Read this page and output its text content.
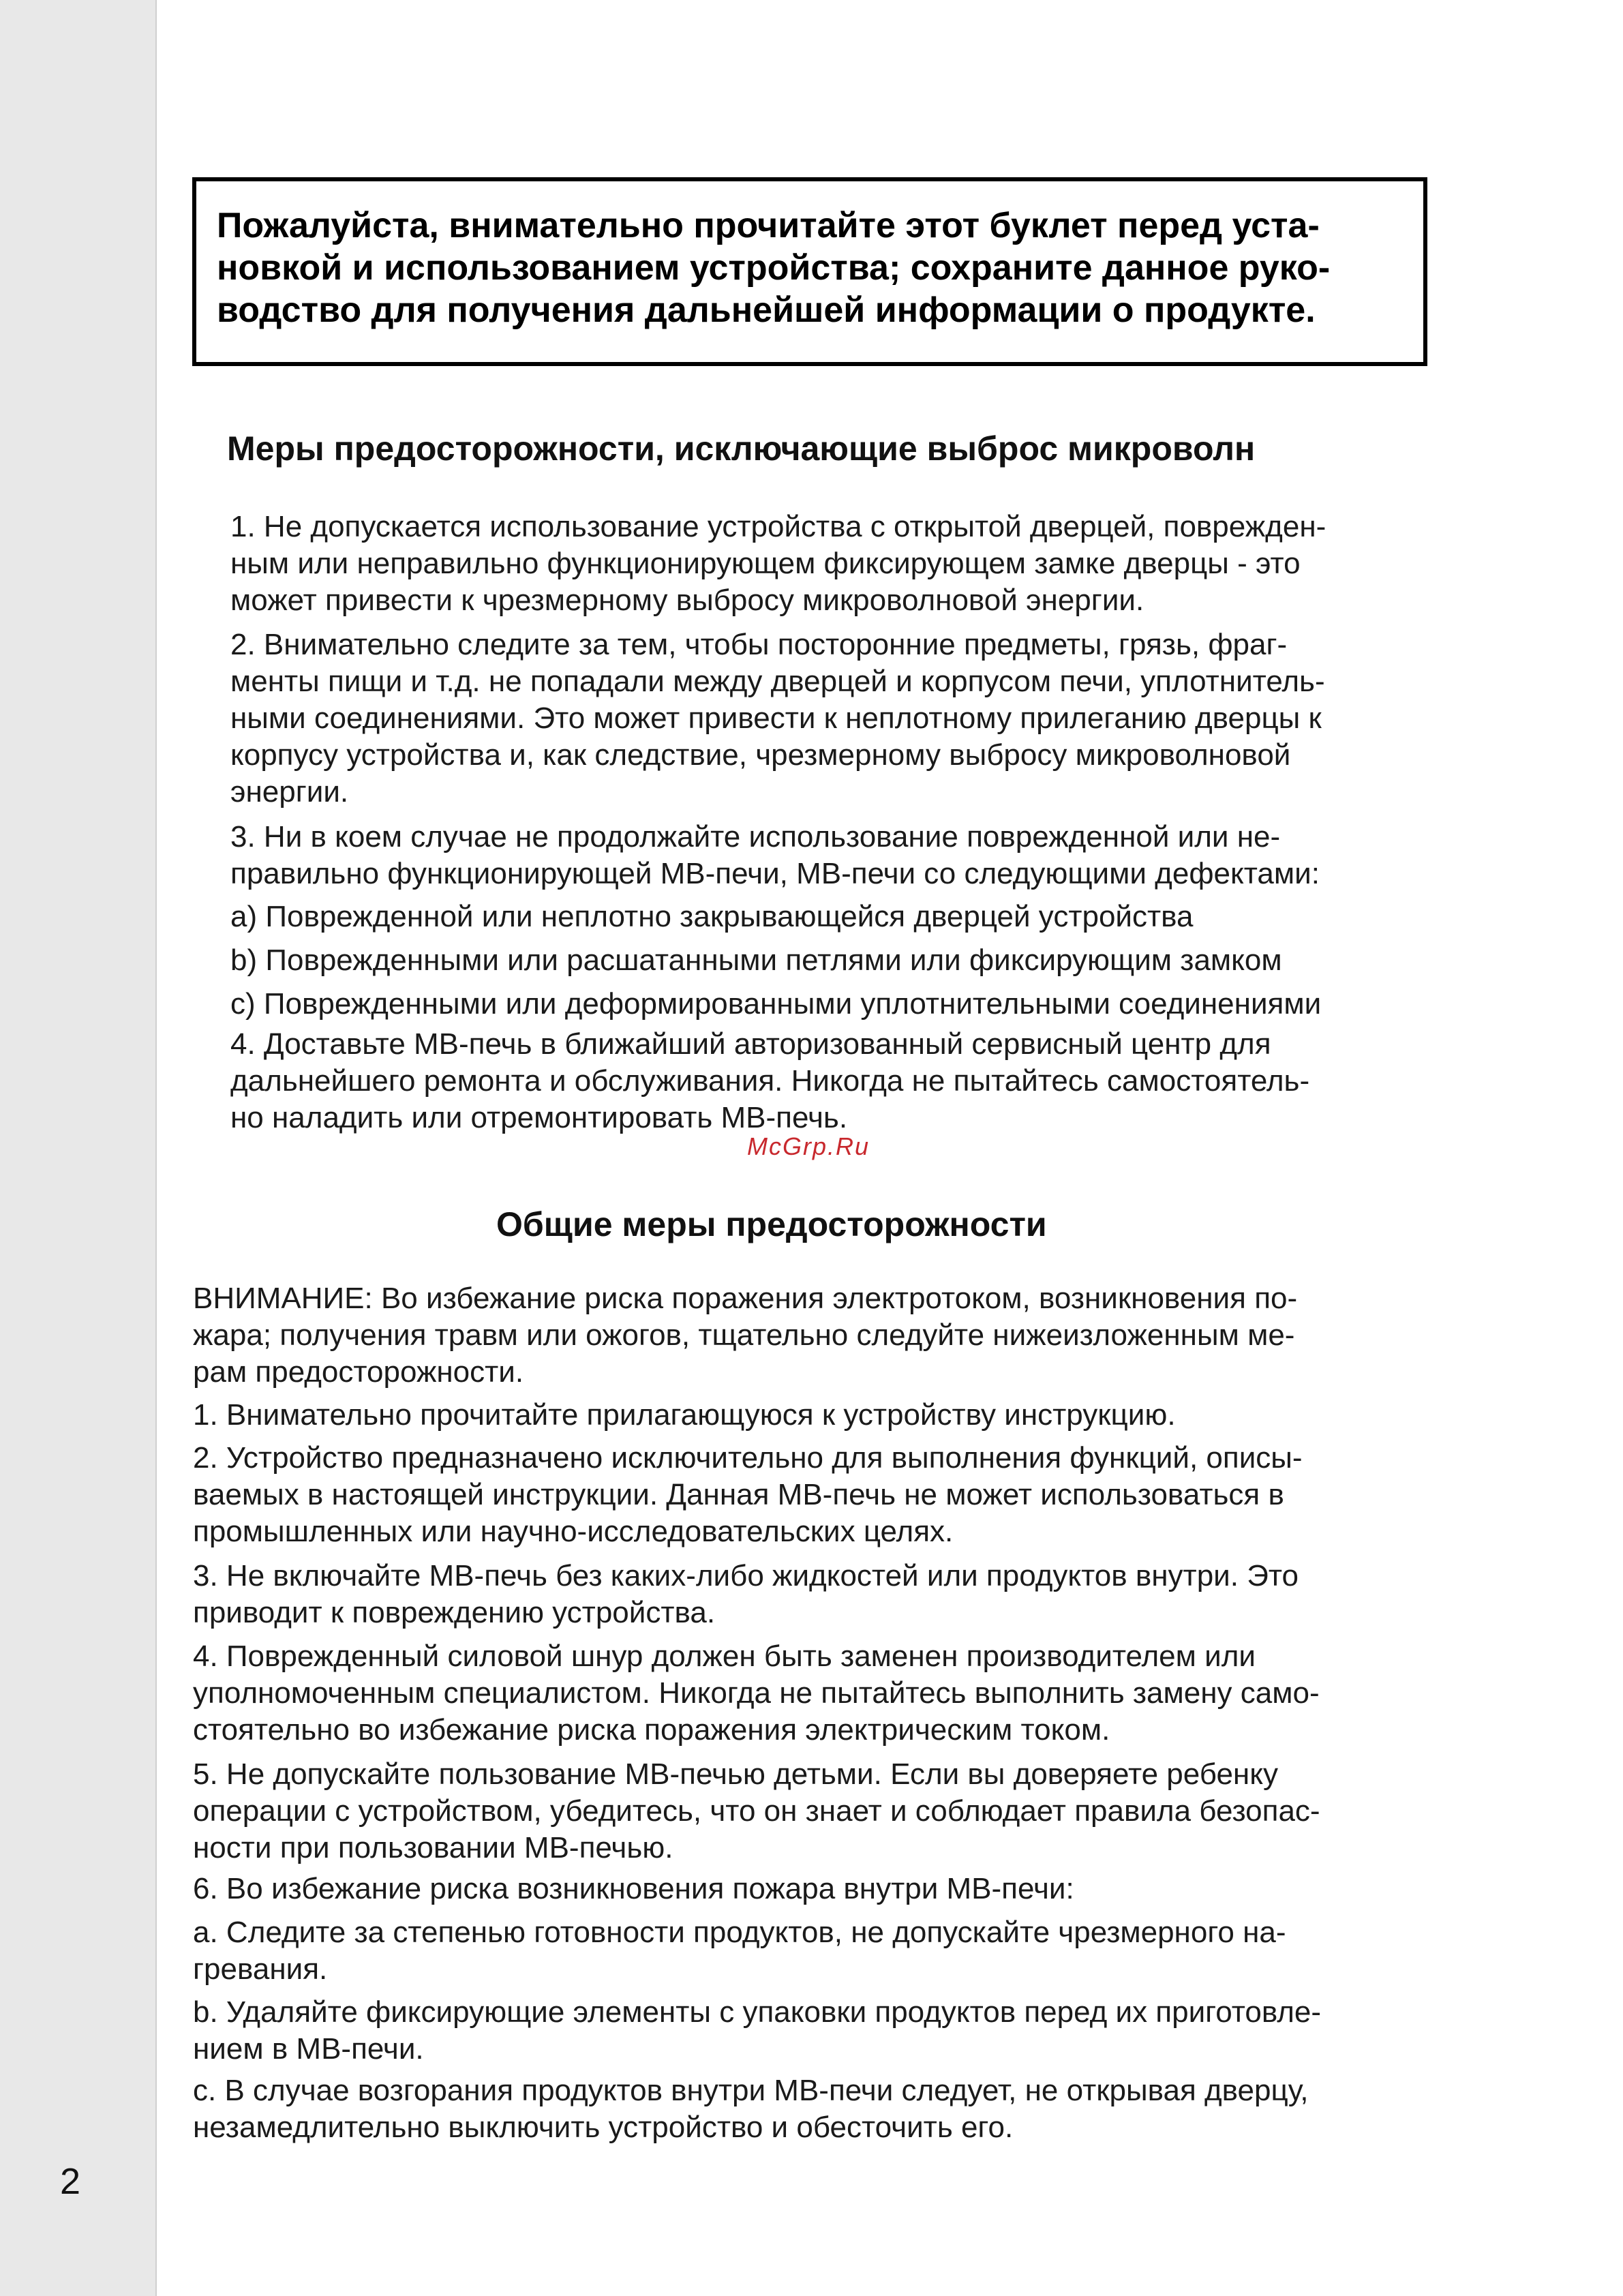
2
Пожалуйста, внимательно прочитайте этот буклет перед уста-
новкой и использованием устройства; сохраните данное руко-
водство для получения дальнейшей информации о продукте.
Меры предосторожности, исключающие выброс микроволн
1. Не допускается использование устройства с открытой дверцей, поврежден-
ным или неправильно функционирующем фиксирующем замке дверцы - это
может привести к чрезмерному выбросу микроволновой энергии.
2. Внимательно следите за тем, чтобы посторонние предметы, грязь, фраг-
менты пищи и т.д. не попадали между дверцей и корпусом печи, уплотнитель-
ными соединениями. Это может привести к неплотному прилеганию дверцы к
корпусу устройства и, как следствие, чрезмерному выбросу микроволновой
энергии.
3. Ни в коем случае не продолжайте использование поврежденной или не-
правильно функционирующей МВ-печи, МВ-печи со следующими дефектами:
a) Поврежденной или неплотно закрывающейся дверцей устройства
b) Поврежденными или расшатанными петлями или фиксирующим замком
c) Поврежденными или деформированными уплотнительными соединениями
4. Доставьте МВ-печь в ближайший авторизованный сервисный центр для
дальнейшего ремонта и обслуживания. Никогда не пытайтесь самостоятель-
но наладить или отремонтировать МВ-печь.
McGrp.Ru
Общие меры предосторожности
ВНИМАНИЕ: Во избежание риска поражения электротоком, возникновения по-
жара; получения травм или ожогов, тщательно следуйте нижеизложенным ме-
рам предосторожности.
1. Внимательно прочитайте прилагающуюся к устройству инструкцию.
2. Устройство предназначено исключительно для выполнения функций, описы-
ваемых в настоящей инструкции. Данная МВ-печь не может использоваться в
промышленных или научно-исследовательских целях.
3. Не включайте МВ-печь без каких-либо жидкостей или продуктов внутри. Это
приводит к повреждению устройства.
4. Поврежденный силовой шнур должен быть заменен производителем или
уполномоченным специалистом. Никогда не пытайтесь выполнить замену само-
стоятельно во избежание риска поражения электрическим током.
5. Не допускайте пользование МВ-печью детьми. Если вы доверяете ребенку
операции с устройством, убедитесь, что он знает и соблюдает правила безопас-
ности при пользовании МВ-печью.
6. Во избежание риска возникновения пожара внутри МВ-печи:
a. Следите за степенью готовности продуктов, не допускайте чрезмерного на-
гревания.
b. Удаляйте фиксирующие элементы с упаковки продуктов перед их приготовле-
нием в МВ-печи.
c. В случае возгорания продуктов внутри МВ-печи следует, не открывая дверцу,
незамедлительно выключить устройство и обесточить его.
